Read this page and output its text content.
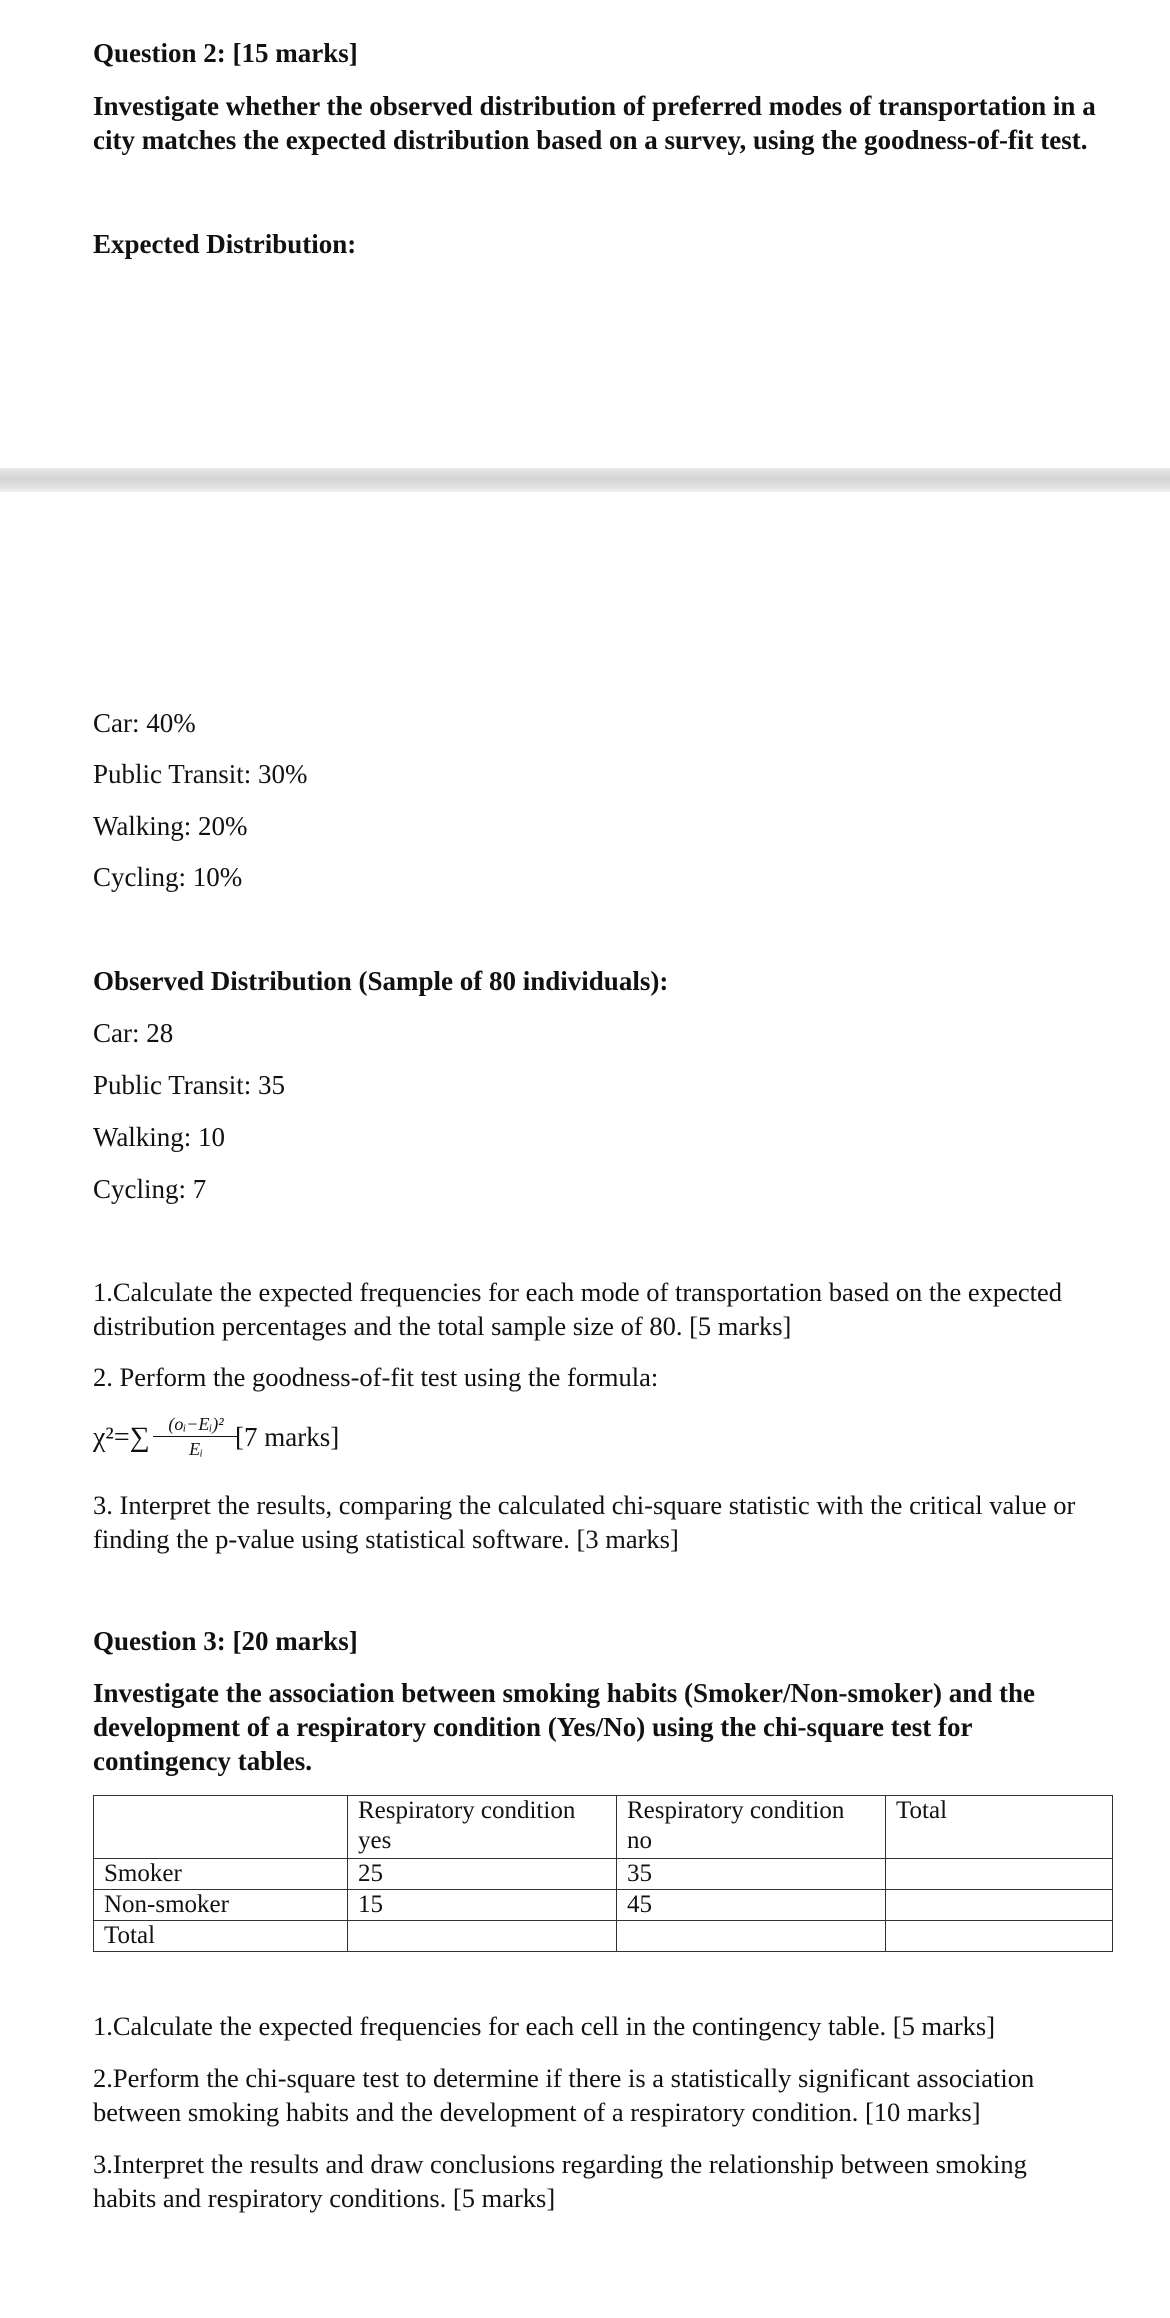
Question 2: [15 marks]
Investigate whether the observed distribution of preferred modes of transportation in a
city matches the expected distribution based on a survey, using the goodness-of-fit test.
Expected Distribution:
Car: 40%
Public Transit: 30%
Walking: 20%
Cycling: 10%
Observed Distribution (Sample of 80 individuals):
Car: 28
Public Transit: 35
Walking: 10
Cycling: 7
1.Calculate the expected frequencies for each mode of transportation based on the expected
distribution percentages and the total sample size of 80. [5 marks]
2. Perform the goodness-of-fit test using the formula:
$\chi^2=\sum \frac{\text{(oᵢ−Eᵢ)²}}{\text{Eᵢ}}$
[7 marks]
3. Interpret the results, comparing the calculated chi-square statistic with the critical value or
finding the p-value using statistical software. [3 marks]
Question 3: [20 marks]
Investigate the association between smoking habits (Smoker/Non-smoker) and the
development of a respiratory condition (Yes/No) using the chi-square test for
contingency tables.
	Respiratory condition yes	Respiratory condition no	Total
Smoker	25	35	
Non-smoker	15	45	
Total			
1.Calculate the expected frequencies for each cell in the contingency table. [5 marks]
2.Perform the chi-square test to determine if there is a statistically significant association
between smoking habits and the development of a respiratory condition. [10 marks]
3.Interpret the results and draw conclusions regarding the relationship between smoking
habits and respiratory conditions. [5 marks]
